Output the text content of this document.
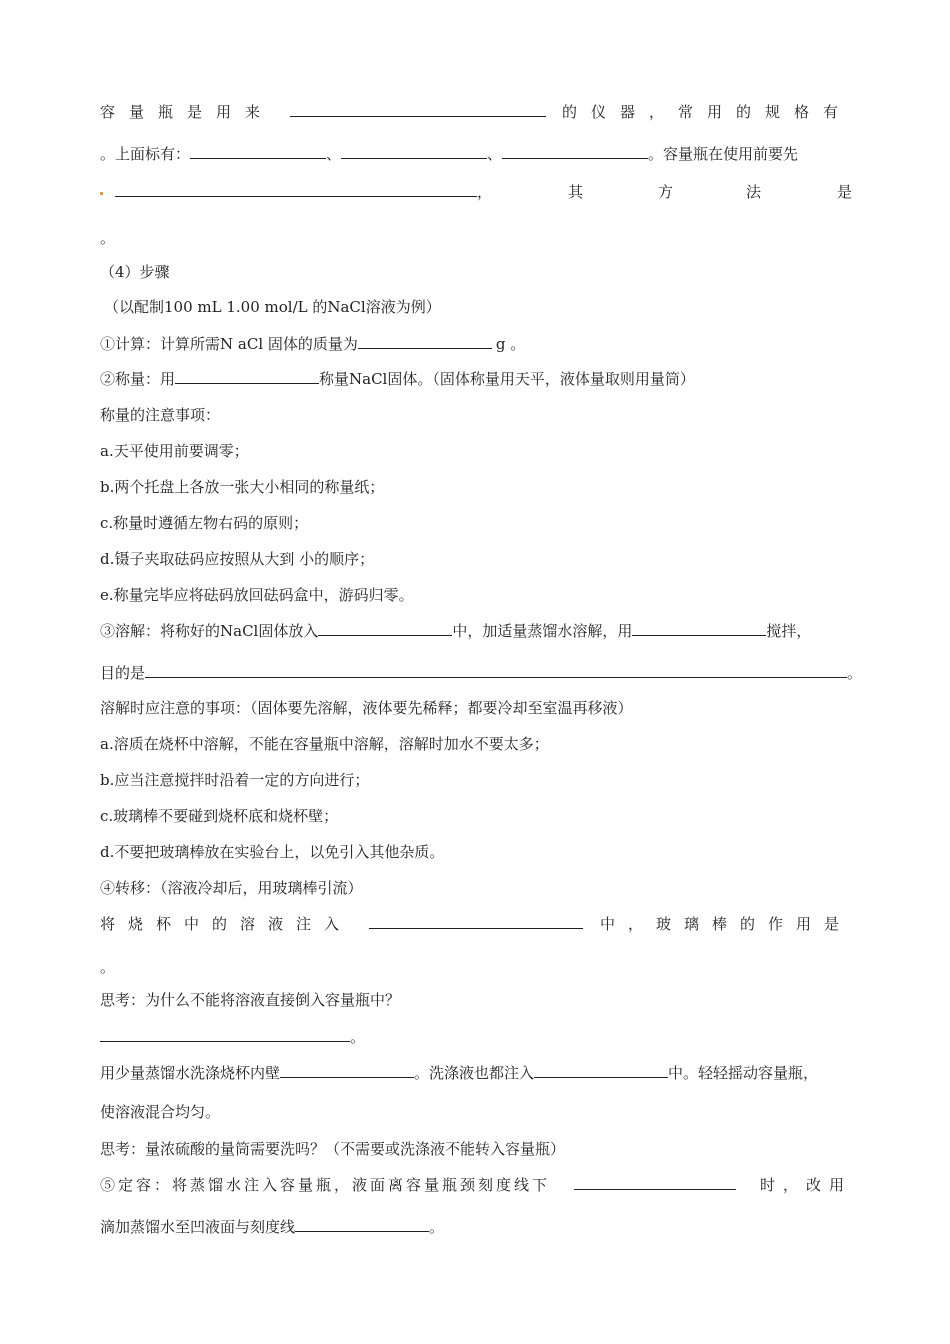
容量瓶是用来	的仪器，常用的规格有
。上面标有：	、	、	。容量瓶在使用前要先
，	其	方	法	是
。
（4）步骤
（以配制100 mL 1.00 mol/L 的NaCl溶液为例）
①计算：计算所需N aCl 固体的质量为	g 。
②称量：用	称量NaCl固体。（固体称量用天平，液体量取则用量筒）
称量的注意事项：
a.天平使用前要调零；
b.两个托盘上各放一张大小相同的称量纸；
c.称量时遵循左物右码的原则；
d.镊子夹取砝码应按照从大到 小的顺序；
e.称量完毕应将砝码放回砝码盒中，游码归零。
③溶解：将称好的NaCl固体放入	中，加适量蒸馏水溶解，用	搅拌，
目的是	。
溶解时应注意的事项：（固体要先溶解，液体要先稀释；都要冷却至室温再移液）
a.溶质在烧杯中溶解，不能在容量瓶中溶解，溶解时加水不要太多；
b.应当注意搅拌时沿着一定的方向进行；
c.玻璃棒不要碰到烧杯底和烧杯壁；
d.不要把玻璃棒放在实验台上，以免引入其他杂质。
④转移：（溶液冷却后，用玻璃棒引流）
将烧杯中的溶液注入	中，玻璃棒的作用是
。
思考：为什么不能将溶液直接倒入容量瓶中？
。
用少量蒸馏水洗涤烧杯内壁	。洗涤液也都注入	中。轻轻摇动容量瓶，
使溶液混合均匀。
思考：量浓硫酸的量筒需要洗吗？（不需要或洗涤液不能转入容量瓶）
⑤定容：将蒸馏水注入容量瓶，液面离容量瓶颈刻度线下	时，改用
滴加蒸馏水至凹液面与刻度线	。
